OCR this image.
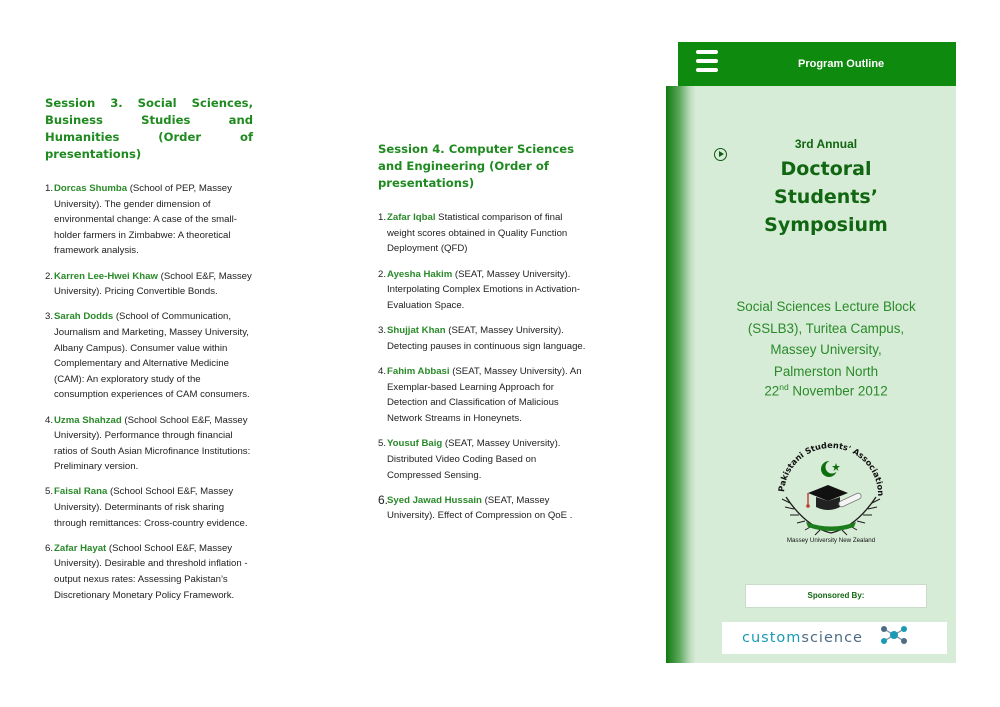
Session 3. Social Sciences, Business Studies and Humanities (Order of presentations)
1. Dorcas Shumba (School of PEP, Massey University). The gender dimension of environmental change: A case of the small-holder farmers in Zimbabwe: A theoretical framework analysis.
2. Karren Lee-Hwei Khaw (School E&F, Massey University). Pricing Convertible Bonds.
3. Sarah Dodds (School of Communication, Journalism and Marketing, Massey University, Albany Campus). Consumer value within Complementary and Alternative Medicine (CAM): An exploratory study of the consumption experiences of CAM consumers.
4. Uzma Shahzad (School School E&F, Massey University). Performance through financial ratios of South Asian Microfinance Institutions: Preliminary version.
5. Faisal Rana (School School E&F, Massey University). Determinants of risk sharing through remittances: Cross-country evidence.
6. Zafar Hayat (School School E&F, Massey University). Desirable and threshold inflation -output nexus rates: Assessing Pakistan’s Discretionary Monetary Policy Framework.
Session 4. Computer Sciences and Engineering (Order of presentations)
1. Zafar Iqbal Statistical comparison of final weight scores obtained in Quality Function Deployment (QFD)
2. Ayesha Hakim (SEAT, Massey University). Interpolating Complex Emotions in Activation-Evaluation Space.
3. Shujjat Khan (SEAT, Massey University). Detecting pauses in continuous sign language.
4. Fahim Abbasi (SEAT, Massey University). An Exemplar-based Learning Approach for Detection and Classification of Malicious Network Streams in Honeynets.
5. Yousuf Baig (SEAT, Massey University). Distributed Video Coding Based on Compressed Sensing.
6.
Syed Jawad Hussain (SEAT, Massey University). Effect of Compression on QoE .
Program Outline
3rd Annual
Doctoral
Students’
Symposium
Social Sciences Lecture Block
(SSLB3), Turitea Campus,
Massey University,
Palmerston North
22nd November 2012
Pakistani Students' Association
Massey University New Zealand
Sponsored By:
customscience
